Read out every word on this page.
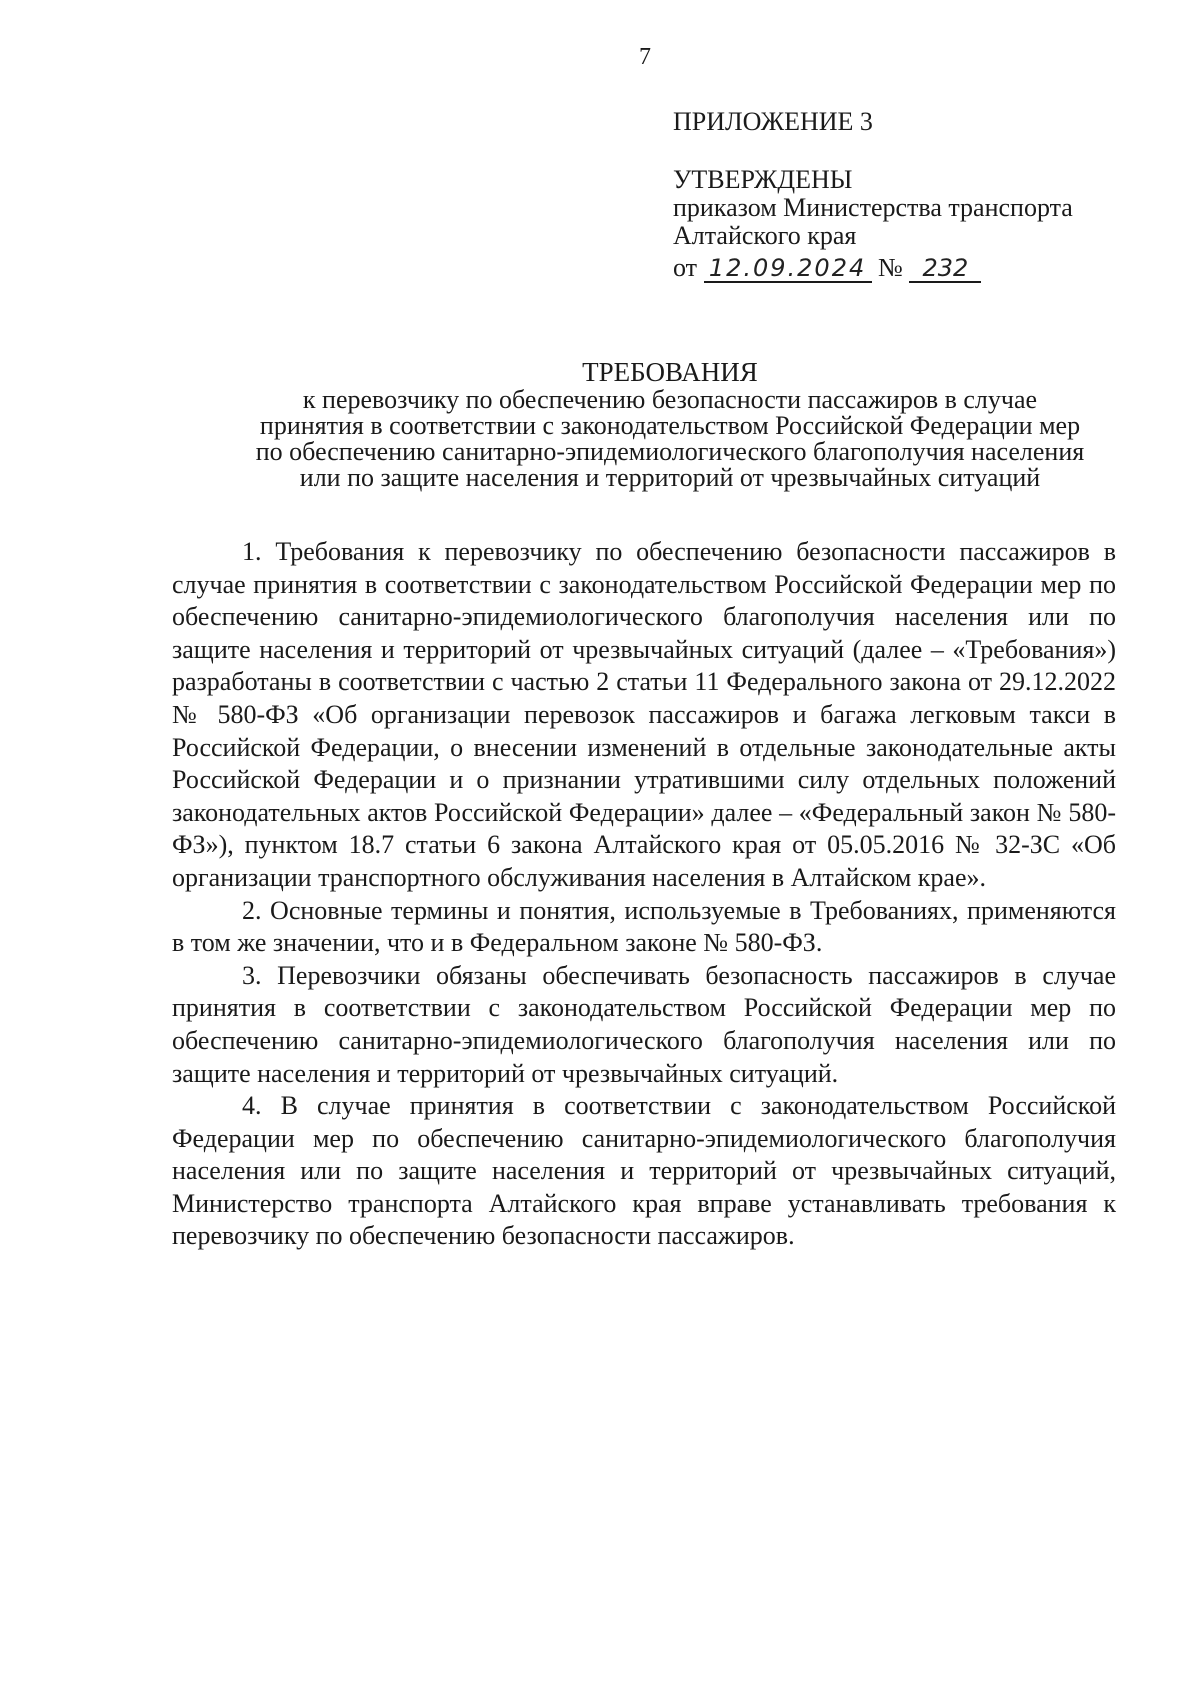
7
ПРИЛОЖЕНИЕ 3
УТВЕРЖДЕНЫ
приказом Министерства транспорта
Алтайского края
от 12.09.2024 № 232
ТРЕБОВАНИЯ
к перевозчику по обеспечению безопасности пассажиров в случае принятия в соответствии с законодательством Российской Федерации мер по обеспечению санитарно-эпидемиологического благополучия населения или по защите населения и территорий от чрезвычайных ситуаций

1. Требования к перевозчику по обеспечению безопасности пассажиров в случае принятия в соответствии с законодательством Российской Федерации мер по обеспечению санитарно-эпидемиологического благополучия населения или по защите населения и территорий от чрезвычайных ситуаций (далее – «Требования») разработаны в соответствии с частью 2 статьи 11 Федерального закона от 29.12.2022 № 580-ФЗ «Об организации перевозок пассажиров и багажа легковым такси в Российской Федерации, о внесении изменений в отдельные законодательные акты Российской Федерации и о признании утратившими силу отдельных положений законодательных актов Российской Федерации» далее – «Федеральный закон № 580-ФЗ»), пунктом 18.7 статьи 6 закона Алтайского края от 05.05.2016 № 32-ЗС «Об организации транспортного обслуживания населения в Алтайском крае».

2. Основные термины и понятия, используемые в Требованиях, применяются в том же значении, что и в Федеральном законе № 580-ФЗ.

3. Перевозчики обязаны обеспечивать безопасность пассажиров в случае принятия в соответствии с законодательством Российской Федерации мер по обеспечению санитарно-эпидемиологического благополучия населения или по защите населения и территорий от чрезвычайных ситуаций.

4. В случае принятия в соответствии с законодательством Российской Федерации мер по обеспечению санитарно-эпидемиологического благополучия населения или по защите населения и территорий от чрезвычайных ситуаций, Министерство транспорта Алтайского края вправе устанавливать требования к перевозчику по обеспечению безопасности пассажиров.
